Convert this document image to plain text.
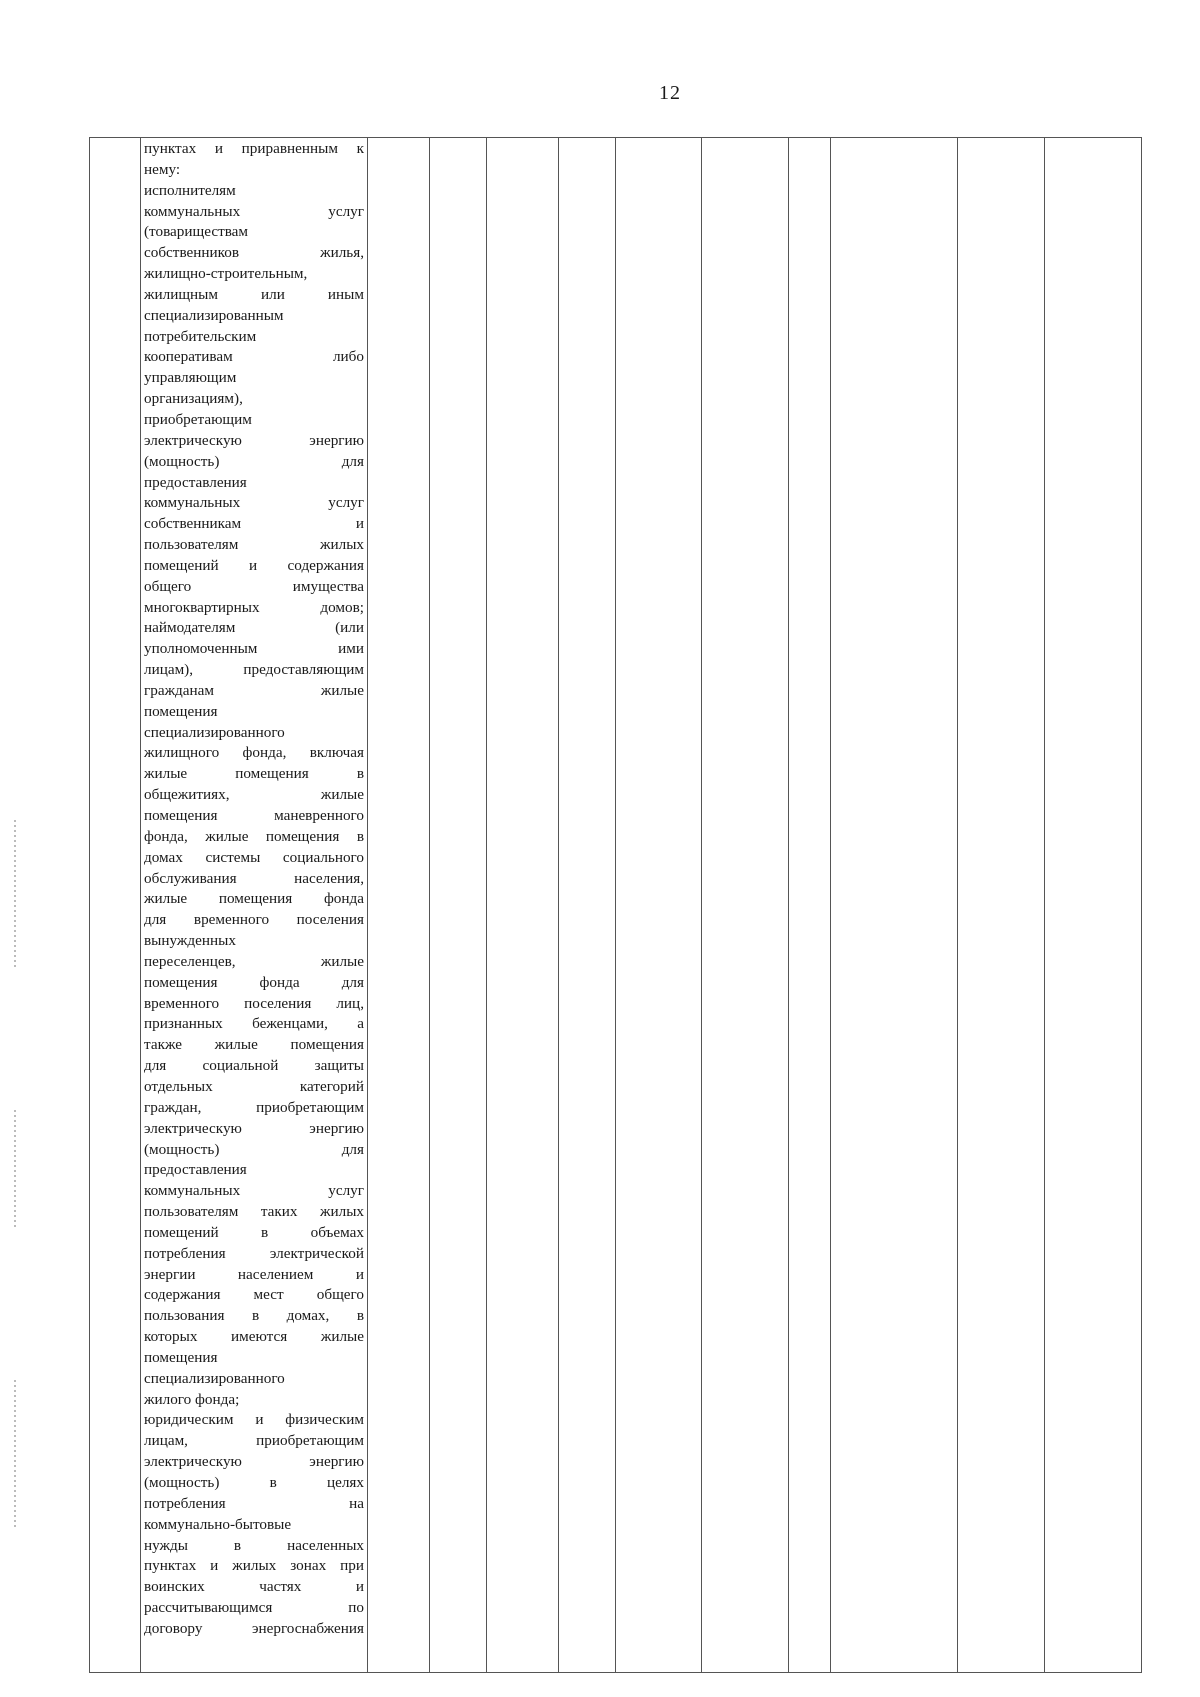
12

пунктах и приравненным к

нему:

исполнителям

коммунальных услуг

(товариществам

собственников жилья,

жилищно-строительным,

жилищным или иным

специализированным

потребительским

кооперативам либо

управляющим

организациям),

приобретающим

электрическую энергию

(мощность) для

предоставления

коммунальных услуг

собственникам и

пользователям жилых

помещений и содержания

общего имущества

многоквартирных домов;

наймодателям (или

уполномоченным ими

лицам), предоставляющим

гражданам жилые

помещения

специализированного

жилищного фонда, включая

жилые помещения в

общежитиях, жилые

помещения маневренного

фонда, жилые помещения в

домах системы социального

обслуживания населения,

жилые помещения фонда

для временного поселения

вынужденных

переселенцев, жилые

помещения фонда для

временного поселения лиц,

признанных беженцами, а

также жилые помещения

для социальной защиты

отдельных категорий

граждан, приобретающим

электрическую энергию

(мощность) для

предоставления

коммунальных услуг

пользователям таких жилых

помещений в объемах

потребления электрической

энергии населением и

содержания мест общего

пользования в домах, в

которых имеются жилые

помещения

специализированного

жилого фонда;

юридическим и физическим

лицам, приобретающим

электрическую энергию

(мощность) в целях

потребления на

коммунально-бытовые

нужды в населенных

пунктах и жилых зонах при

воинских частях и

рассчитывающимся по

договору энергоснабжения
